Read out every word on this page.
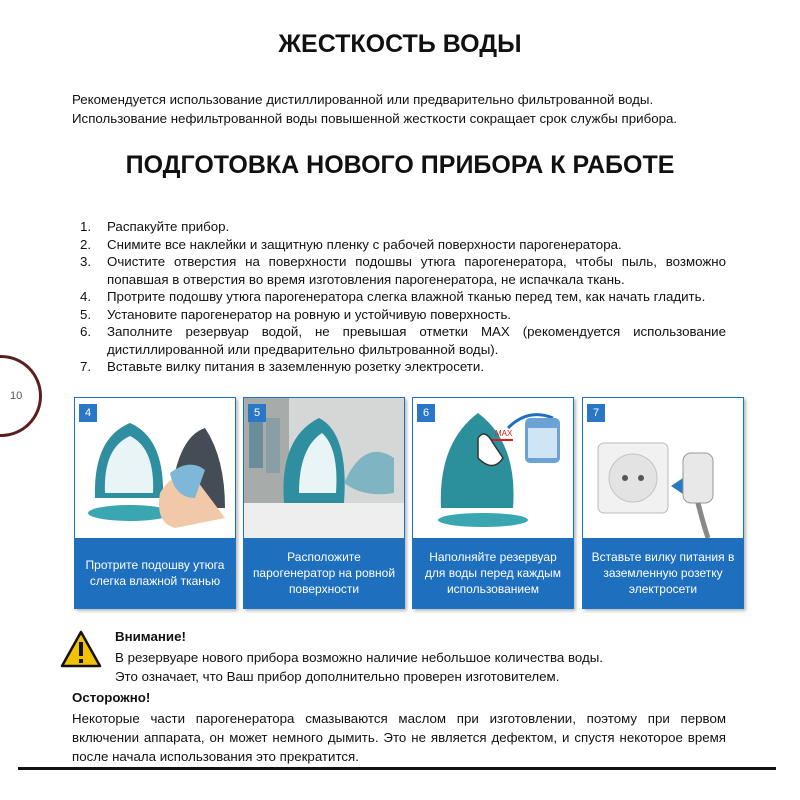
ЖЕСТКОСТЬ ВОДЫ
Рекомендуется использование дистиллированной или предварительно фильтрованной воды.
Использование нефильтрованной воды повышенной жесткости сокращает срок службы прибора.
ПОДГОТОВКА НОВОГО ПРИБОРА К РАБОТЕ
1. Распакуйте прибор.
2. Снимите все наклейки и защитную пленку с рабочей поверхности парогенератора.
3. Очистите отверстия на поверхности подошвы утюга парогенератора, чтобы пыль, возможно попавшая в отверстия во время изготовления парогенератора, не испачкала ткань.
4. Протрите подошву утюга парогенератора слегка влажной тканью перед тем, как начать гладить.
5. Установите парогенератор на ровную и устойчивую поверхность.
6. Заполните резервуар водой, не превышая отметки MAX (рекомендуется использование дистиллированной или предварительно фильтрованной воды).
7. Вставьте вилку питания в заземленную розетку электросети.
10
4
Протрите подошву утюга слегка влажной тканью
5
Расположите парогенератор на ровной поверхности
MAX
6
Наполняйте резервуар для воды перед каждым использованием
7
Вставьте вилку питания в заземленную розетку электросети
Внимание!
В резервуаре нового прибора возможно наличие небольшое количества воды.
Это означает, что Ваш прибор дополнительно проверен изготовителем.
Осторожно!
Некоторые части парогенератора смазываются маслом при изготовлении, поэтому при первом включении аппарата, он может немного дымить. Это не является дефектом, и спустя некоторое время после начала использования это прекратится.
